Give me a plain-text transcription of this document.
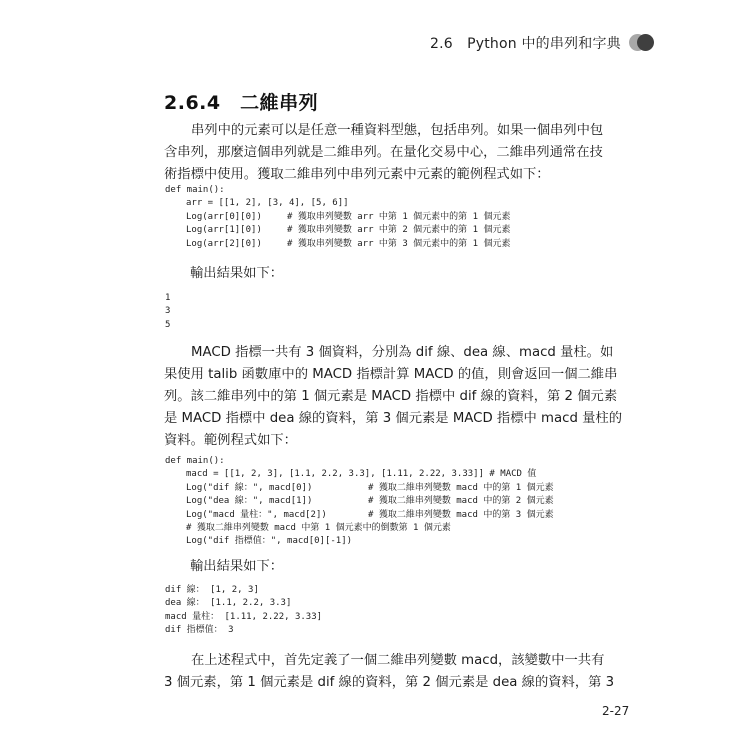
2.6　Python 中的串列和字典
2.6.4　二維串列
串列中的元素可以是任意一種資料型態，包括串列。如果一個串列中包
含串列，那麼這個串列就是二維串列。在量化交易中心，二維串列通常在技
術指標中使用。獲取二維串列中串列元素中元素的範例程式如下：
def main():
arr = [[1, 2], [3, 4], [5, 6]]
Log(arr[0][0])	# 獲取串列變數 arr 中第 1 個元素中的第 1 個元素
Log(arr[1][0])	# 獲取串列變數 arr 中第 2 個元素中的第 1 個元素
Log(arr[2][0])	# 獲取串列變數 arr 中第 3 個元素中的第 1 個元素
輸出結果如下：
1
3
5
MACD 指標一共有 3 個資料，分別為 dif 線、dea 線、macd 量柱。如
果使用 talib 函數庫中的 MACD 指標計算 MACD 的值，則會返回一個二維串
列。該二維串列中的第 1 個元素是 MACD 指標中 dif 線的資料，第 2 個元素
是 MACD 指標中 dea 線的資料，第 3 個元素是 MACD 指標中 macd 量柱的
資料。範例程式如下：
def main():
macd = [[1, 2, 3], [1.1, 2.2, 3.3], [1.11, 2.22, 3.33]] # MACD 值
Log("dif 線：", macd[0])	# 獲取二維串列變數 macd 中的第 1 個元素
Log("dea 線：", macd[1])	# 獲取二維串列變數 macd 中的第 2 個元素
Log("macd 量柱：", macd[2])	# 獲取二維串列變數 macd 中的第 3 個元素
# 獲取二維串列變數 macd 中第 1 個元素中的倒數第 1 個元素
Log("dif 指標值：", macd[0][-1])
輸出結果如下：
dif 線： [1, 2, 3]
dea 線： [1.1, 2.2, 3.3]
macd 量柱： [1.11, 2.22, 3.33]
dif 指標值： 3
在上述程式中，首先定義了一個二維串列變數 macd，該變數中一共有
3 個元素，第 1 個元素是 dif 線的資料，第 2 個元素是 dea 線的資料，第 3
2-27
